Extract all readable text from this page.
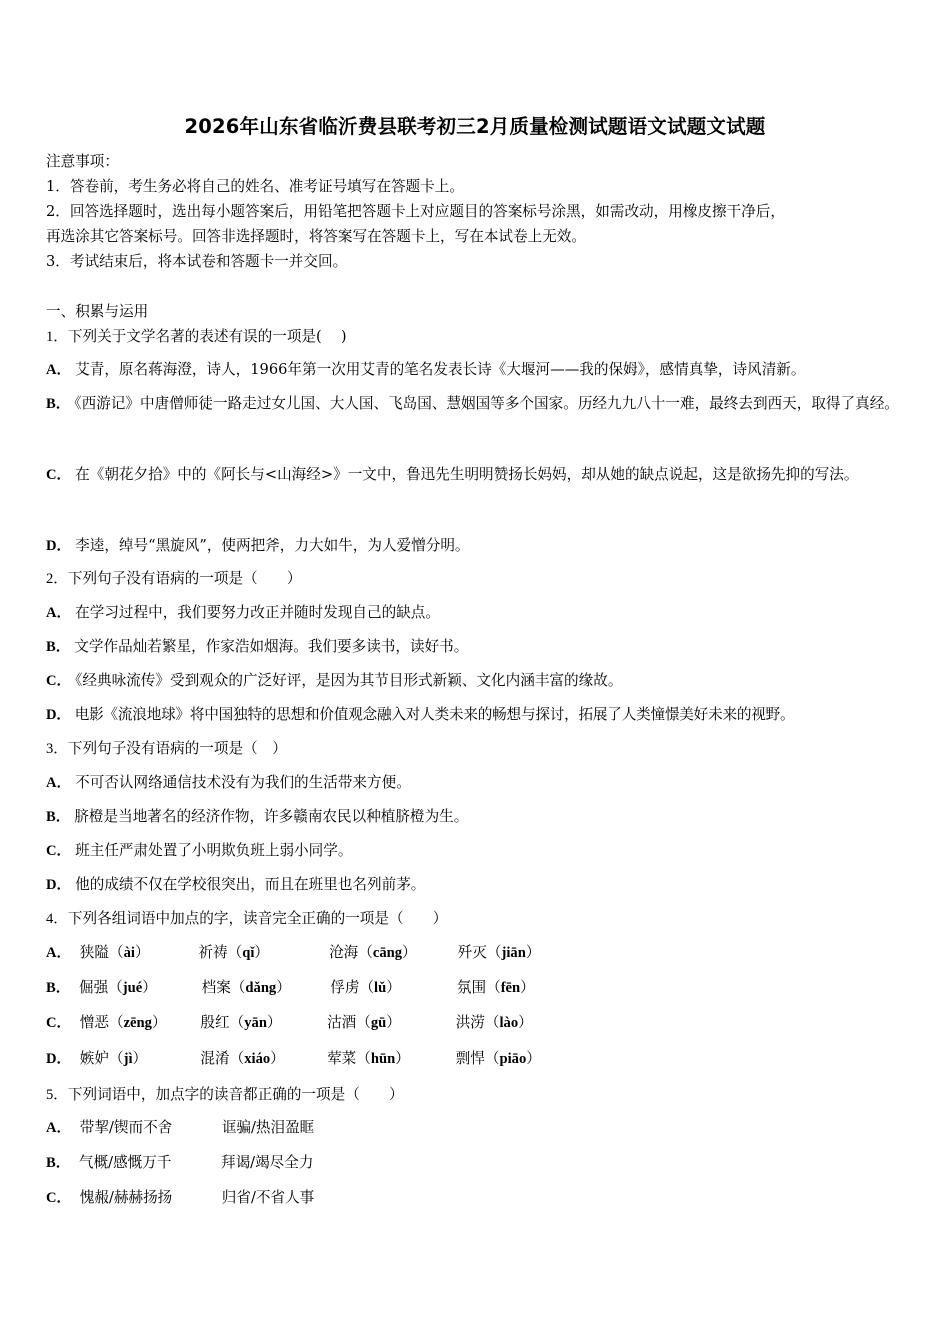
2026年山东省临沂费县联考初三2月质量检测试题语文试题文试题
注意事项：
1．答卷前，考生务必将自己的姓名、准考证号填写在答题卡上。
2．回答选择题时，选出每小题答案后，用铅笔把答题卡上对应题目的答案标号涂黑，如需改动，用橡皮擦干净后，
再选涂其它答案标号。回答非选择题时，将答案写在答题卡上，写在本试卷上无效。
3．考试结束后，将本试卷和答题卡一并交回。
一、积累与运用
1．下列关于文学名著的表述有误的一项是(　 )
A． 艾青，原名蒋海澄，诗人，1966年第一次用艾青的笔名发表长诗《大堰河——我的保姆》，感情真挚，诗风清新。
B． 《西游记》中唐僧师徒一路走过女儿国、大人国、飞岛国、慧姻国等多个国家。历经九九八十一难，最终去到西天，取得了真经。
C． 在《朝花夕拾》中的《阿长与<山海经>》一文中，鲁迅先生明明赞扬长妈妈，却从她的缺点说起，这是欲扬先抑的写法。
D． 李逵，绰号“黑旋风”，使两把斧，力大如牛，为人爱憎分明。
2．下列句子没有语病的一项是（　　）
A． 在学习过程中，我们要努力改正并随时发现自己的缺点。
B． 文学作品灿若繁星，作家浩如烟海。我们要多读书，读好书。
C． 《经典咏流传》受到观众的广泛好评，是因为其节目形式新颖、文化内涵丰富的缘故。
D． 电影《流浪地球》将中国独特的思想和价值观念融入对人类未来的畅想与探讨，拓展了人类憧憬美好未来的视野。
3．下列句子没有语病的一项是（　）
A． 不可否认网络通信技术没有为我们的生活带来方便。
B． 脐橙是当地著名的经济作物，许多赣南农民以种植脐橙为生。
C． 班主任严肃处置了小明欺负班上弱小同学。
D． 他的成绩不仅在学校很突出，而且在班里也名列前茅。
4．下列各组词语中加点的字，读音完全正确的一项是（　　）
A． 狭隘（ài）	祈祷（qǐ）	沧海（cāng）	歼灭（jiān）
B． 倔强（jué）	档案（dǎng）	俘虏（lǔ）	氛围（fēn）
C． 憎恶（zēng） 殷红（yān）	沽酒（gū）	洪涝（lào）
D． 嫉妒（jì）	混淆（xiáo）	荤菜（hūn）	剽悍（piāo）
5．下列词语中，加点字的读音都正确的一项是（　　）
A． 带挈/锲而不舍	诓骗/热泪盈眶
B． 气概/感慨万千	拜谒/竭尽全力
C． 愧赧/赫赫扬扬	归省/不省人事
